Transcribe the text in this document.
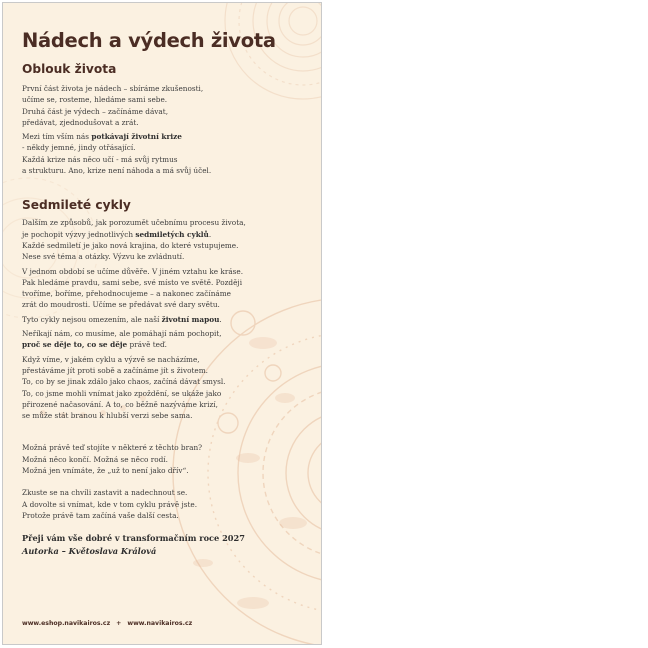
Nádech a výdech života
Oblouk života

První část života je nádech – sbíráme zkušenosti,
učíme se, rosteme, hledáme sami sebe.
Druhá část je výdech – začínáme dávat,
předávat, zjednodušovat a zrát.

Mezi tím vším nás potkávají životní krize
- někdy jemné, jindy otřásající.
Každá krize nás něco učí - má svůj rytmus
a strukturu. Ano, krize není náhoda a má svůj účel.

Sedmileté cykly

Dalším ze způsobů, jak porozumět učebnímu procesu života,
je pochopit výzvy jednotlivých sedmiletých cyklů.
Každé sedmiletí je jako nová krajina, do které vstupujeme.
Nese své téma a otázky. Výzvu ke zvládnutí.

V jednom období se učíme důvěře. V jiném vztahu ke kráse.
Pak hledáme pravdu, sami sebe, své místo ve světě. Později
tvoříme, boříme, přehodnocujeme – a nakonec začínáme
zrát do moudrosti. Učíme se předávat své dary světu.

Tyto cykly nejsou omezením, ale naší životní mapou.

Neříkají nám, co musíme, ale pomáhají nám pochopit,
proč se děje to, co se děje právě teď.

Když víme, v jakém cyklu a výzvě se nacházíme,
přestáváme jít proti sobě a začínáme jít s životem.
To, co by se jinak zdálo jako chaos, začíná dávat smysl.
To, co jsme mohli vnímat jako zpoždění, se ukáže jako
přirozené načasování. A to, co běžně nazýváme krizí,
se může stát branou k hlubší verzi sebe sama.

Možná právě teď stojíte v některé z těchto bran?
Možná něco končí. Možná se něco rodí.
Možná jen vnímáte, že „už to není jako dřív“.

Zkuste se na chvíli zastavit a nadechnout se.
A dovolte si vnímat, kde v tom cyklu právě jste.
Protože právě tam začíná vaše další cesta.

Přeji vám vše dobré v transformačním roce 2027
Autorka – Květoslava Králová

www.eshop.navikairos.cz + www.navikairos.cz
